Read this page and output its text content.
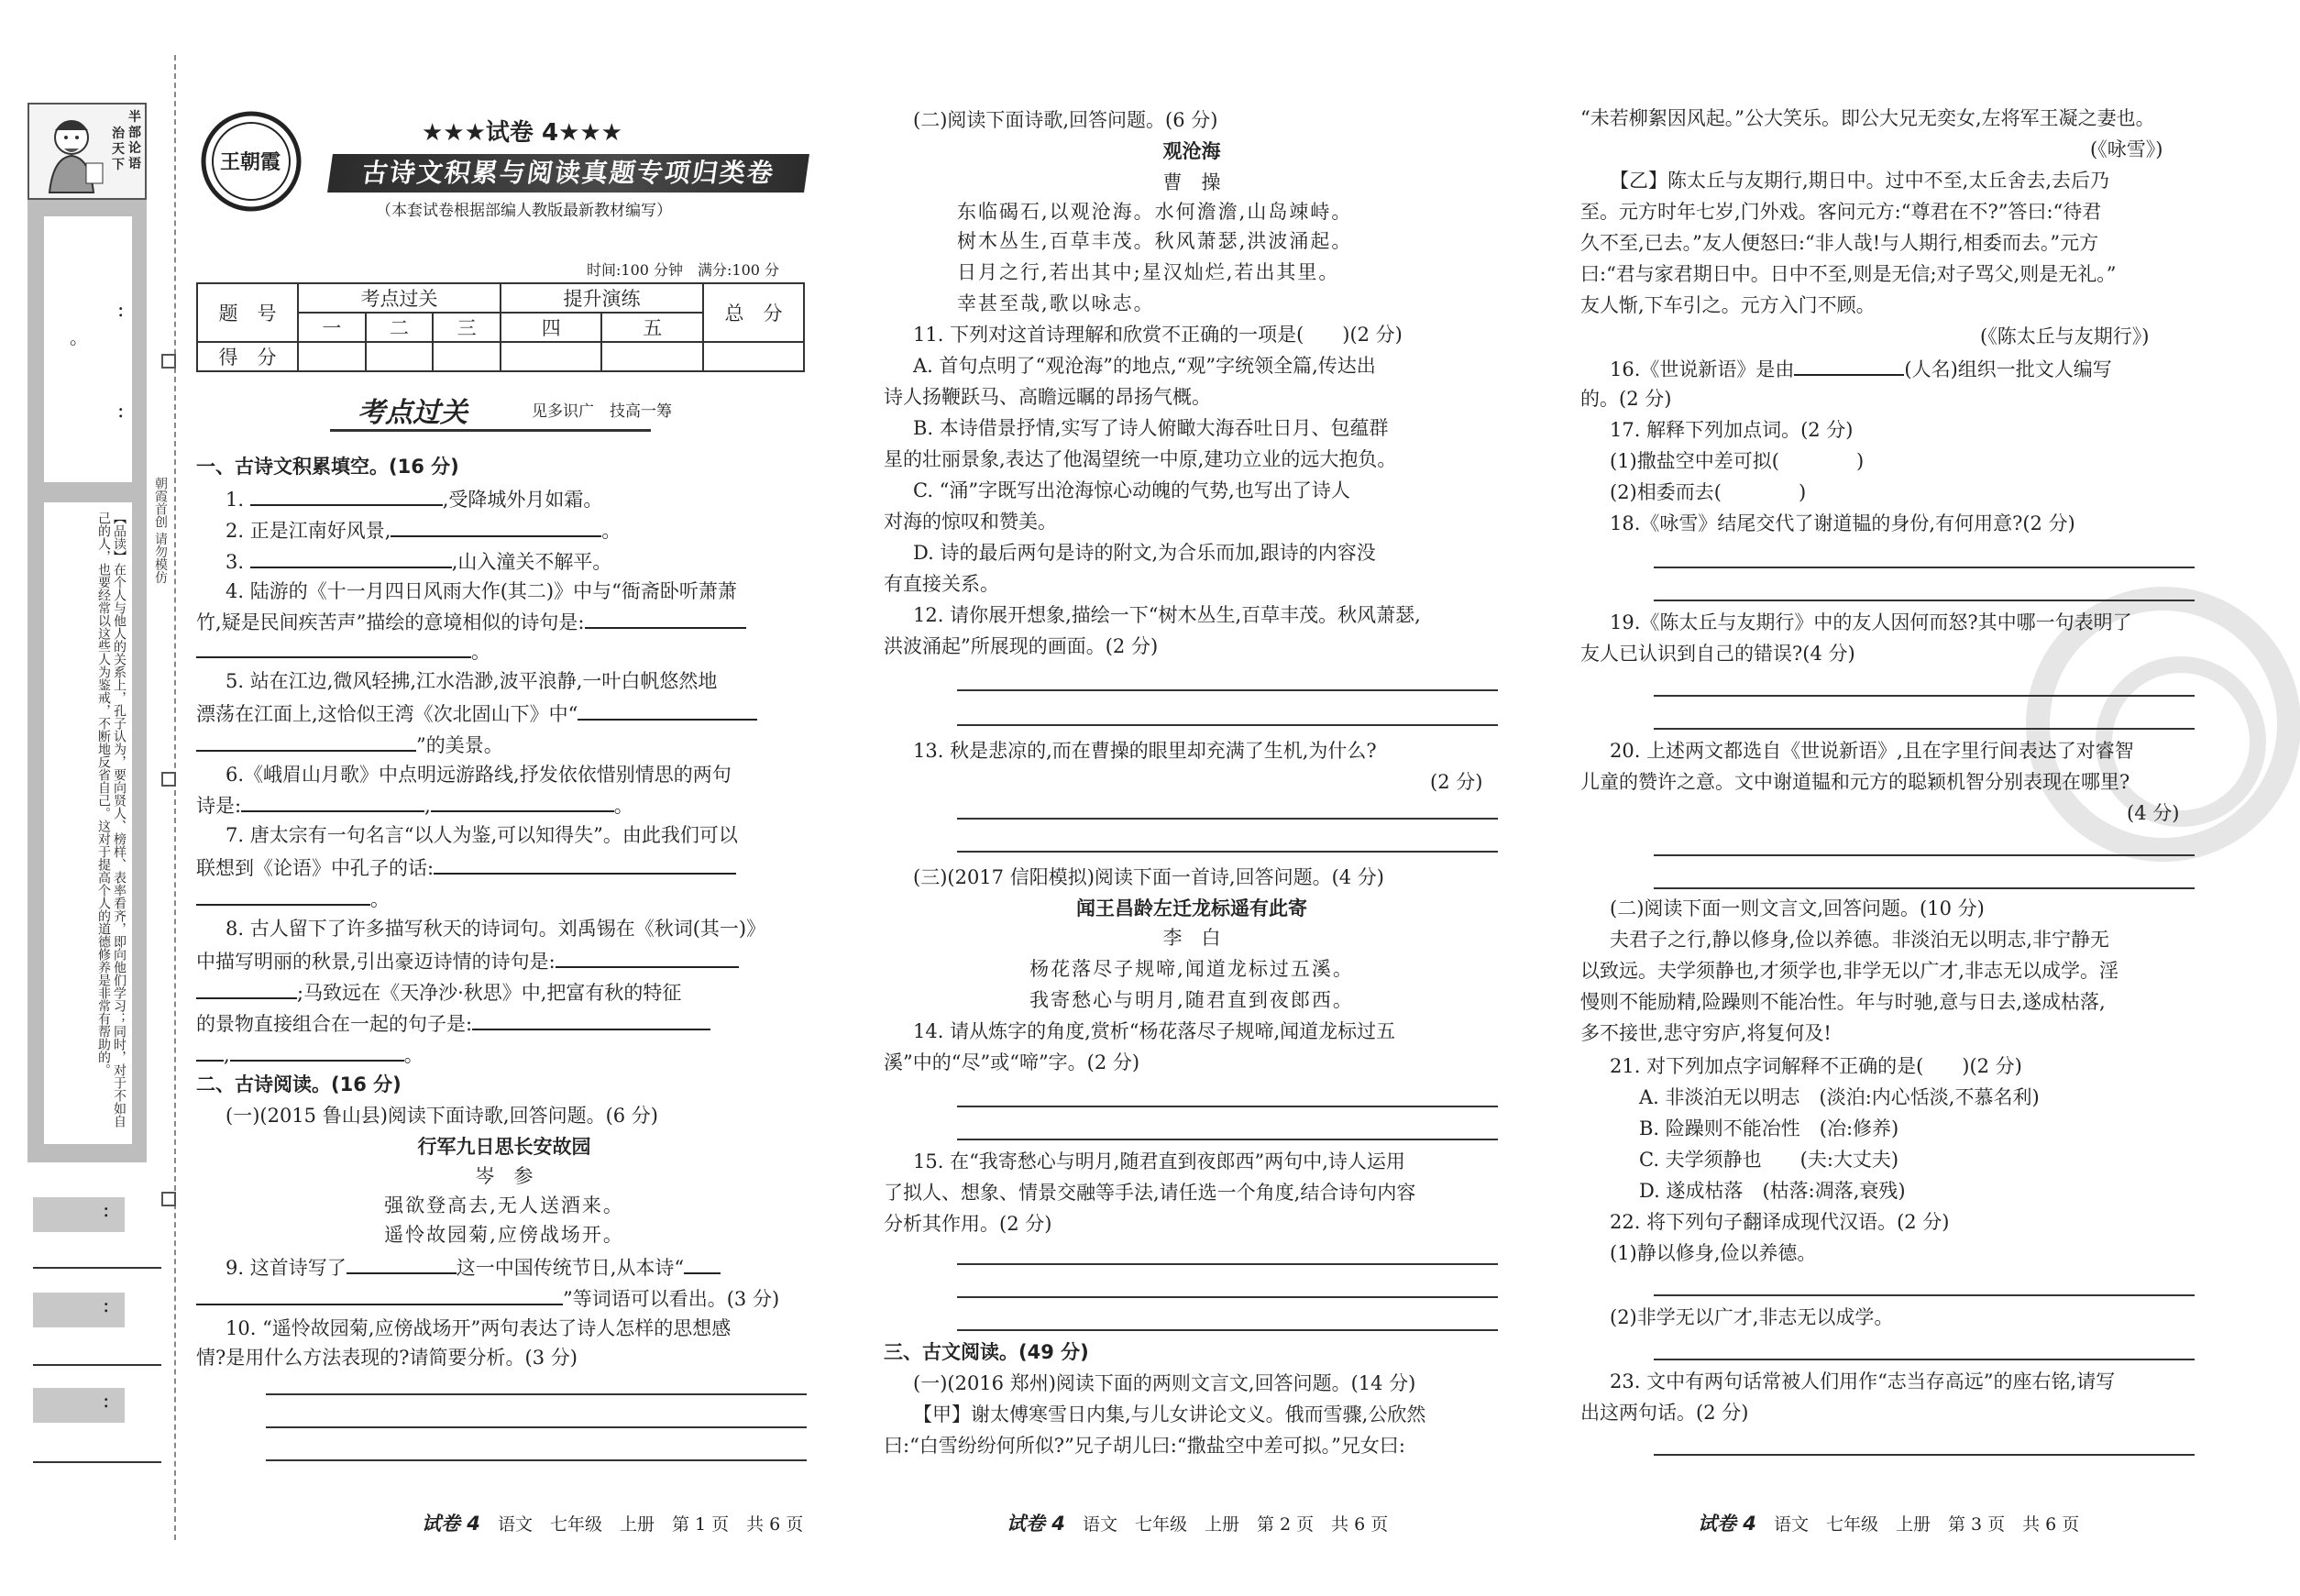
半部论语
治天下
:
:
。
【品读】在个人与他人的关系上，孔子认为，要向贤人、榜样、表率看齐，即向他们学习；同时，对于不如自己的人，也要经常以这些人为鉴戒，不断地反省自己。这对于提高个人的道德修养是非常有帮助的。	朝霞首创 请勿模仿
:
:
:
王朝霞
★★★试卷 4★★★
古诗文积累与阅读真题专项归类卷
（本套试卷根据部编人教版最新教材编写）
时间:100 分钟　满分:100 分
题　号	考点过关			提升演练		总　分
	一	二	三	四	五	
得　分						
考点过关	见多识广　技高一筹
一、古诗文积累填空。(16 分)
1.	,受降城外月如霜。
2. 正是江南好风景,	。
3.	,山入潼关不解平。
4. 陆游的《十一月四日风雨大作(其二)》中与“衙斋卧听萧萧
竹,疑是民间疾苦声”描绘的意境相似的诗句是:
。
5. 站在江边,微风轻拂,江水浩渺,波平浪静,一叶白帆悠然地
漂荡在江面上,这恰似王湾《次北固山下》中“
”的美景。
6.《峨眉山月歌》中点明远游路线,抒发依依惜别情思的两句
诗是:	,	。
7. 唐太宗有一句名言“以人为鉴,可以知得失”。由此我们可以
联想到《论语》中孔子的话:
。
8. 古人留下了许多描写秋天的诗词句。刘禹锡在《秋词(其一)》
中描写明丽的秋景,引出豪迈诗情的诗句是:
;马致远在《天净沙·秋思》中,把富有秋的特征
的景物直接组合在一起的句子是:
,	。
二、古诗阅读。(16 分)
(一)(2015 鲁山县)阅读下面诗歌,回答问题。(6 分)
行军九日思长安故园
岑　参
强欲登高去,无人送酒来。
遥怜故园菊,应傍战场开。
9. 这首诗写了	这一中国传统节日,从本诗“
”等词语可以看出。(3 分)
10. “遥怜故园菊,应傍战场开”两句表达了诗人怎样的思想感
情?是用什么方法表现的?请简要分析。(3 分)
试卷 4　语文　七年级　上册　第 1 页　共 6 页
(二)阅读下面诗歌,回答问题。(6 分)
观沧海
曹　操
东临碣石,以观沧海。水何澹澹,山岛竦峙。
树木丛生,百草丰茂。秋风萧瑟,洪波涌起。
日月之行,若出其中;星汉灿烂,若出其里。
幸甚至哉,歌以咏志。
11. 下列对这首诗理解和欣赏不正确的一项是(　　)(2 分)
A. 首句点明了“观沧海”的地点,“观”字统领全篇,传达出
诗人扬鞭跃马、高瞻远瞩的昂扬气概。
B. 本诗借景抒情,实写了诗人俯瞰大海吞吐日月、包蕴群
星的壮丽景象,表达了他渴望统一中原,建功立业的远大抱负。
C. “涌”字既写出沧海惊心动魄的气势,也写出了诗人
对海的惊叹和赞美。
D. 诗的最后两句是诗的附文,为合乐而加,跟诗的内容没
有直接关系。
12. 请你展开想象,描绘一下“树木丛生,百草丰茂。秋风萧瑟,
洪波涌起”所展现的画面。(2 分)
13. 秋是悲凉的,而在曹操的眼里却充满了生机,为什么?
(2 分)
(三)(2017 信阳模拟)阅读下面一首诗,回答问题。(4 分)
闻王昌龄左迁龙标遥有此寄
李　白
杨花落尽子规啼,闻道龙标过五溪。
我寄愁心与明月,随君直到夜郎西。
14. 请从炼字的角度,赏析“杨花落尽子规啼,闻道龙标过五
溪”中的“尽”或“啼”字。(2 分)
15. 在“我寄愁心与明月,随君直到夜郎西”两句中,诗人运用
了拟人、想象、情景交融等手法,请任选一个角度,结合诗句内容
分析其作用。(2 分)
三、古文阅读。(49 分)
(一)(2016 郑州)阅读下面的两则文言文,回答问题。(14 分)
【甲】谢太傅寒雪日内集,与儿女讲论文义。俄而雪骤,公欣然
曰:“白雪纷纷何所似?”兄子胡儿曰:“撒盐空中差可拟。”兄女曰:
试卷 4　语文　七年级　上册　第 2 页　共 6 页
“未若柳絮因风起。”公大笑乐。即公大兄无奕女,左将军王凝之妻也。
(《咏雪》)
【乙】陈太丘与友期行,期日中。过中不至,太丘舍去,去后乃
至。元方时年七岁,门外戏。客问元方:“尊君在不?”答曰:“待君
久不至,已去。”友人便怒曰:“非人哉!与人期行,相委而去。”元方
曰:“君与家君期日中。日中不至,则是无信;对子骂父,则是无礼。”
友人惭,下车引之。元方入门不顾。
(《陈太丘与友期行》)
16.《世说新语》是由	(人名)组织一批文人编写
的。(2 分)
17. 解释下列加点词。(2 分)
(1)撒盐空中差可拟(　　　　)
(2)相委而去(　　　　)
18.《咏雪》结尾交代了谢道韫的身份,有何用意?(2 分)
19.《陈太丘与友期行》中的友人因何而怒?其中哪一句表明了
友人已认识到自己的错误?(4 分)
20. 上述两文都选自《世说新语》,且在字里行间表达了对睿智
儿童的赞许之意。文中谢道韫和元方的聪颖机智分别表现在哪里?
(4 分)
(二)阅读下面一则文言文,回答问题。(10 分)
夫君子之行,静以修身,俭以养德。非淡泊无以明志,非宁静无
以致远。夫学须静也,才须学也,非学无以广才,非志无以成学。淫
慢则不能励精,险躁则不能冶性。年与时驰,意与日去,遂成枯落,
多不接世,悲守穷庐,将复何及!
21. 对下列加点字词解释不正确的是(　　)(2 分)
A. 非淡泊无以明志　(淡泊:内心恬淡,不慕名利)
B. 险躁则不能冶性　(冶:修养)
C. 夫学须静也　　(夫:大丈夫)
D. 遂成枯落　(枯落:凋落,衰残)
22. 将下列句子翻译成现代汉语。(2 分)
(1)静以修身,俭以养德。
(2)非学无以广才,非志无以成学。
23. 文中有两句话常被人们用作“志当存高远”的座右铭,请写
出这两句话。(2 分)
试卷 4　语文　七年级　上册　第 3 页　共 6 页
